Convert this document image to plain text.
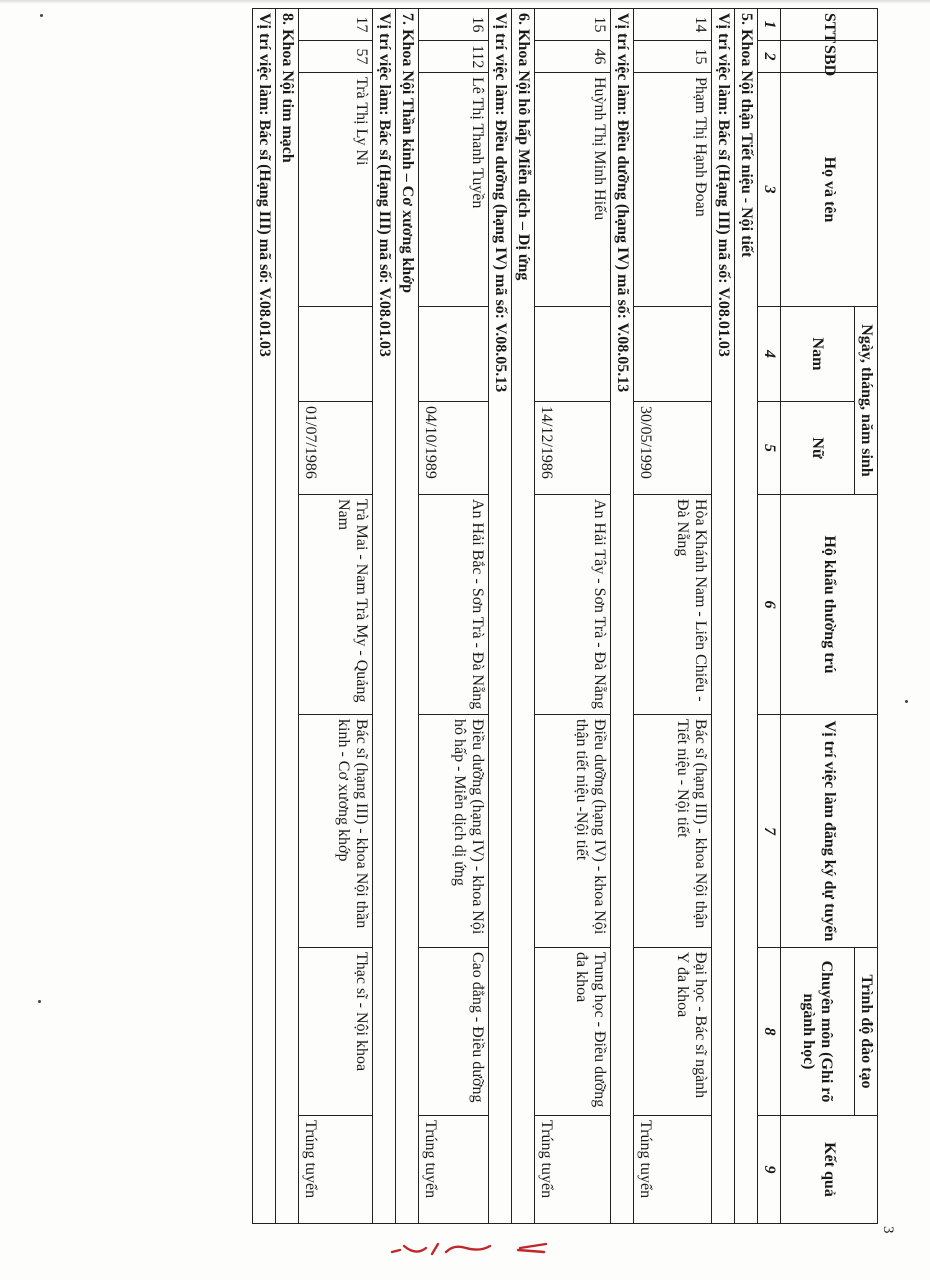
STT	SBD	Họ và tên	Ngày, tháng, năm sinh		Hộ khẩu thường trú	Vị trí việc làm đăng ký dự tuyển	Trình độ đào tạo	Kết quả
			Nam	Nữ			Chuyên môn (Ghi rõ ngành học)	
1	2	3	4	5	6	7	8	9
5. Khoa Nội thận Tiết niệu - Nội tiết								
Vị trí việc làm: Bác sĩ (Hạng III) mã số: V.08.01.03								
14	15	Phạm Thị Hạnh Đoan		30/05/1990	Hòa Khánh Nam - Liên Chiểu - Đà Nẵng	Bác sĩ (hạng III) - khoa Nội thận Tiết niệu - Nội tiết	Đại học - Bác sĩ ngành Y đa khoa	Trúng tuyển
Vị trí việc làm: Điều dưỡng (hạng IV) mã số: V.08.05.13								
15	46	Huỳnh Thị Minh Hiếu		14/12/1986	An Hải Tây - Sơn Trà - Đà Nẵng	Điều dưỡng (hạng IV) - khoa Nội thận tiết niệu -Nội tiết	Trung học - Điều dưỡng đa khoa	Trúng tuyển
6. Khoa Nội hô hấp Miễn dịch – Dị ứng								
Vị trí việc làm: Điều dưỡng (hạng IV) mã số: V.08.05.13								
16	112	Lê Thị Thanh Tuyền		04/10/1989	An Hải Bắc - Sơn Trà - Đà Nẵng	Điều dưỡng (hạng IV) - khoa Nội hô hấp - Miễn dịch dị ứng	Cao đẳng - Điều dưỡng	Trúng tuyển
7. Khoa Nội Thần kinh – Cơ xương khớp								
Vị trí việc làm: Bác sĩ (Hạng III) mã số: V.08.01.03								
17	57	Trà Thị Ly Ni		01/07/1986	Trà Mai - Nam Trà My - Quảng Nam	Bác sĩ (hạng III) - khoa Nội thần kinh - Cơ xương khớp	Thạc sĩ - Nội khoa	Trúng tuyển
8. Khoa Nội tim mạch								
Vị trí việc làm: Bác sĩ (Hạng III) mã số: V.08.01.03								
3
